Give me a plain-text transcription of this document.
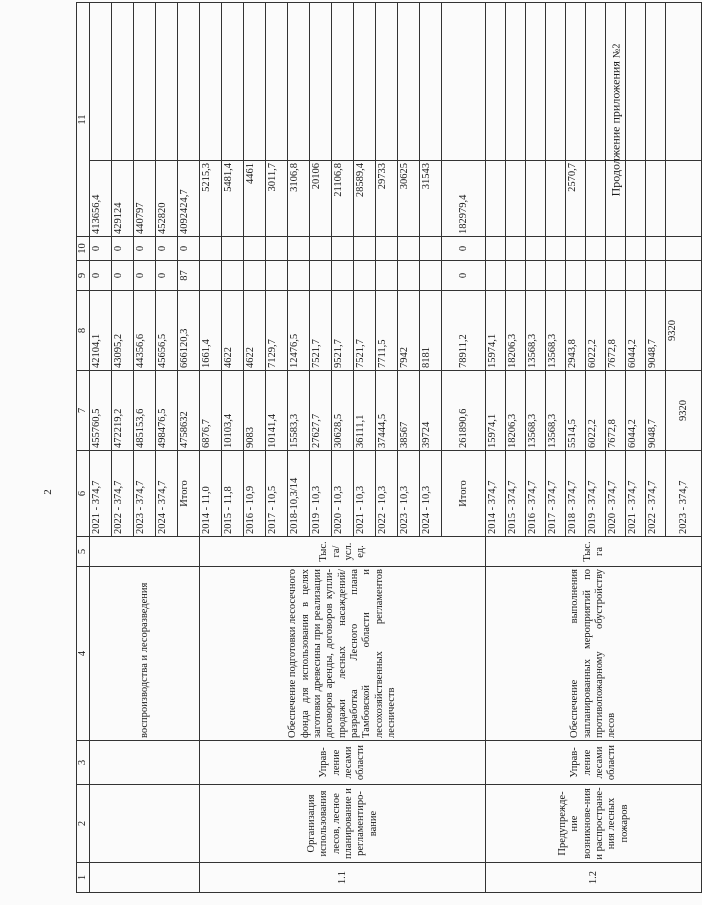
2
Продолжение приложения №2
1	2	3	4	5	6	7	8	9	10	11	
			воспроизводства и лесоразведения		2021 - 374,7	455760,5	42104,1	0	0	413656,4	
					2022 - 374,7	472219,2	43095,2	0	0	429124	
					2023 - 374,7	485153,6	44356,6	0	0	440797	
					2024 - 374,7	498476,5	45656,5	0	0	452820	
					Итого	4758632	666120,3	87	0	4092424,7	
1.1	Организация использования лесов, лесное планирование и регламентиро-вание	Управ-ление лесами области	Обеспечение подготовки лесосечного фонда для использования в целях заготовки древесины при реализации договоров аренды, договоров купли-продажи лесных насаждений/ разработка Лесного плана Тамбовской области и лесохозяйственных регламентов лесничеств	Тыс. га/ усл. ед.	2014 - 11,0	6876,7	1661,4			5215,3	
					2015 - 11,8	10103,4	4622			5481,4	
					2016 - 10,9	9083	4622			4461	
					2017 - 10,5	10141,4	7129,7			3011,7	
					2018-10,3/14	15583,3	12476,5			3106,8	
					2019 - 10,3	27627,7	7521,7			20106	
					2020 - 10,3	30628,5	9521,7			21106,8	
					2021 - 10,3	36111,1	7521,7			28589,4	
					2022 - 10,3	37444,5	7711,5			29733	
					2023 - 10,3	38567	7942			30625	
					2024 - 10,3	39724	8181			31543	
					Итого	261890,6	78911,2	0	0	182979,4	
1.2	Предупрежде-ние возникнове-ния и распростране-ния лесных пожаров	Управ-ление лесами области	Обеспечение выполнения запланированных мероприятий по противопожарному обустройству лесов	Тыс. га	2014 - 374,7	15974,1	15974,1				
					2015 - 374,7	18206,3	18206,3				
					2016 - 374,7	13568,3	13568,3				
					2017 - 374,7	13568,3	13568,3				
					2018 - 374,7	5514,5	2943,8			2570,7	
					2019 - 374,7	6022,2	6022,2				
					2020 - 374,7	7672,8	7672,8				
					2021 - 374,7	6044,2	6044,2				
					2022 - 374,7	9048,7	9048,7				
					2023 - 374,7	9320	9320				
